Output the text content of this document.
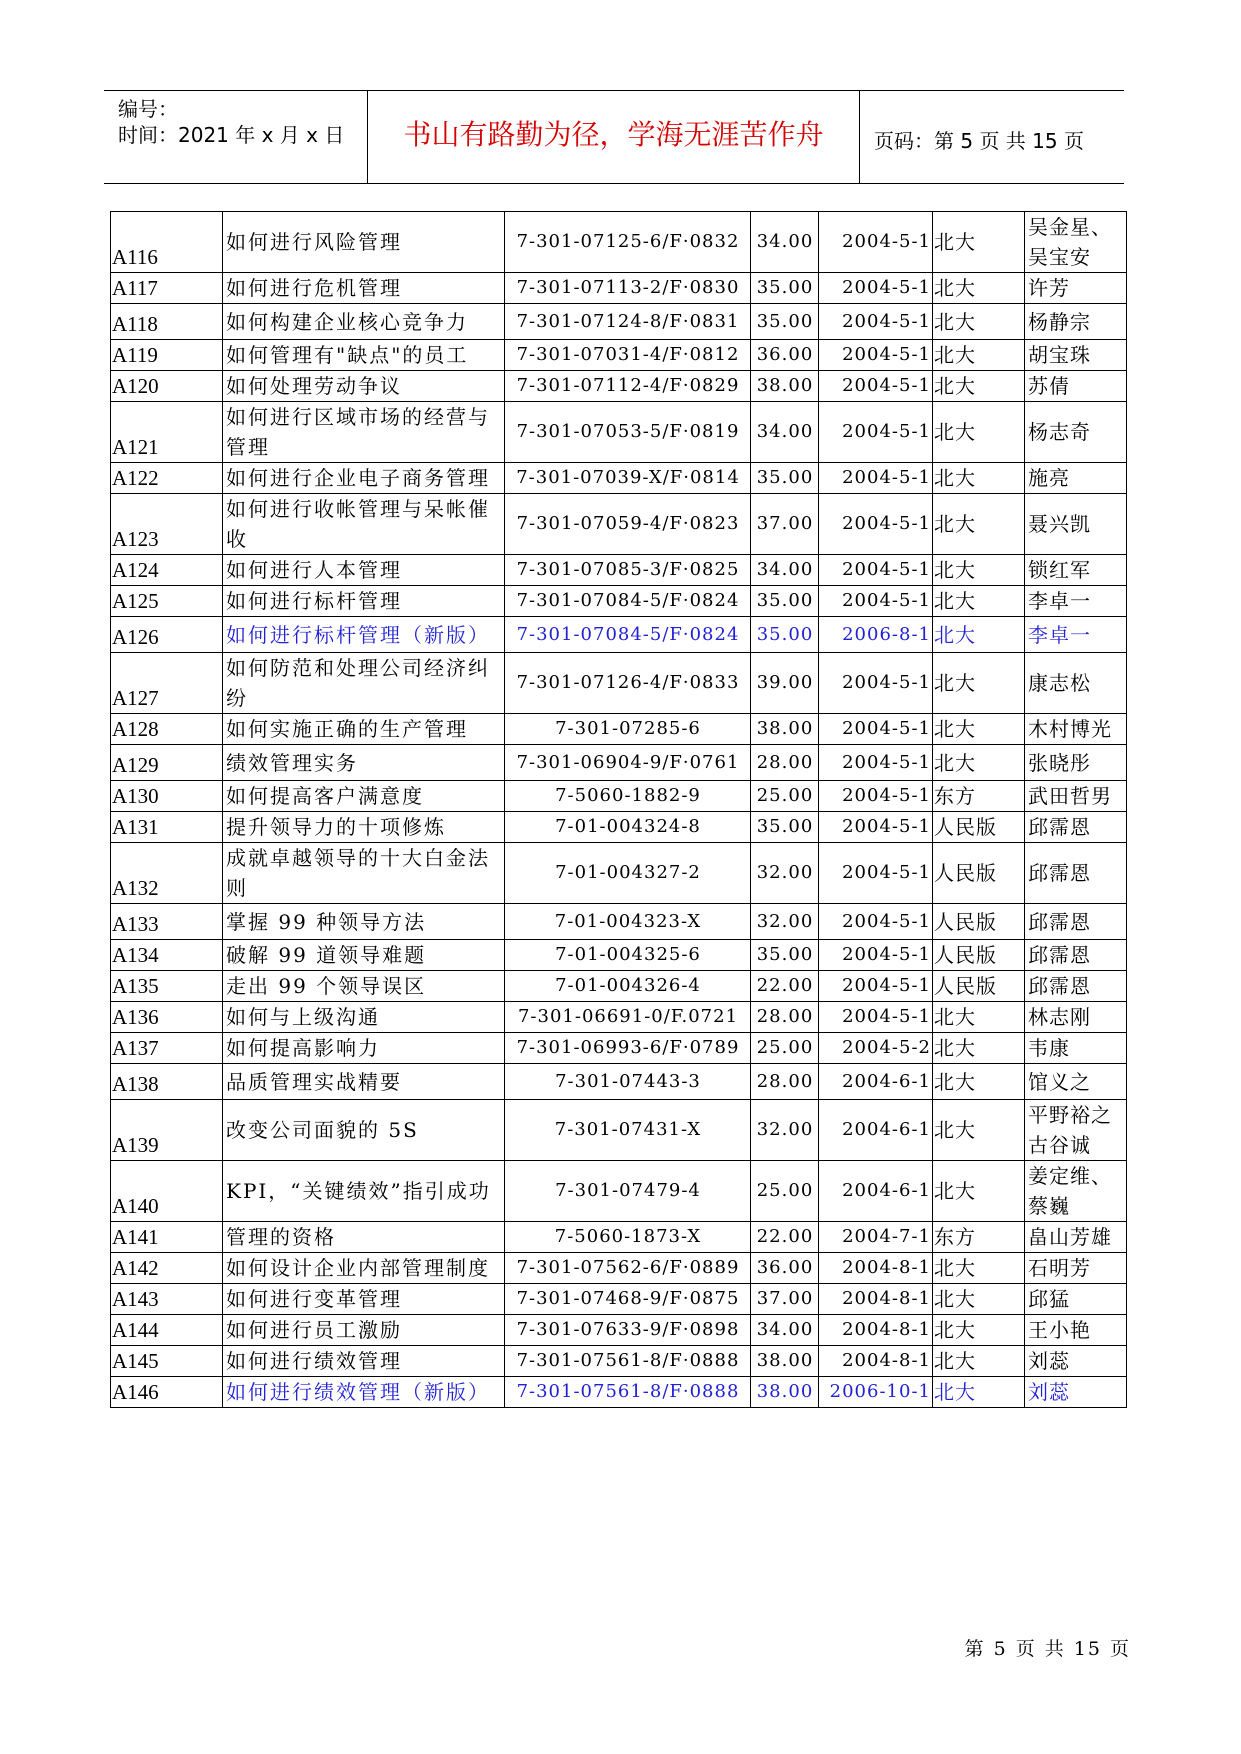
编号：
时间：2021 年 x 月 x 日	书山有路勤为径，学海无涯苦作舟	页码：第 5 页 共 15 页
A116	如何进行风险管理	7-301-07125-6/F·0832	34.00	2004-5-1	北大	吴金星、吴宝安
A117	如何进行危机管理	7-301-07113-2/F·0830	35.00	2004-5-1	北大	许芳
A118	如何构建企业核心竞争力	7-301-07124-8/F·0831	35.00	2004-5-1	北大	杨静宗
A119	如何管理有"缺点"的员工	7-301-07031-4/F·0812	36.00	2004-5-1	北大	胡宝珠
A120	如何处理劳动争议	7-301-07112-4/F·0829	38.00	2004-5-1	北大	苏倩
A121	如何进行区域市场的经营与管理	7-301-07053-5/F·0819	34.00	2004-5-1	北大	杨志奇
A122	如何进行企业电子商务管理	7-301-07039-X/F·0814	35.00	2004-5-1	北大	施亮
A123	如何进行收帐管理与呆帐催收	7-301-07059-4/F·0823	37.00	2004-5-1	北大	聂兴凯
A124	如何进行人本管理	7-301-07085-3/F·0825	34.00	2004-5-1	北大	锁红军
A125	如何进行标杆管理	7-301-07084-5/F·0824	35.00	2004-5-1	北大	李卓一
A126	如何进行标杆管理（新版）	7-301-07084-5/F·0824	35.00	2006-8-1	北大	李卓一
A127	如何防范和处理公司经济纠纷	7-301-07126-4/F·0833	39.00	2004-5-1	北大	康志松
A128	如何实施正确的生产管理	7-301-07285-6	38.00	2004-5-1	北大	木村博光
A129	绩效管理实务	7-301-06904-9/F·0761	28.00	2004-5-1	北大	张晓彤
A130	如何提高客户满意度	7-5060-1882-9	25.00	2004-5-1	东方	武田哲男
A131	提升领导力的十项修炼	7-01-004324-8	35.00	2004-5-1	人民版	邱霈恩
A132	成就卓越领导的十大白金法则	7-01-004327-2	32.00	2004-5-1	人民版	邱霈恩
A133	掌握 99 种领导方法	7-01-004323-X	32.00	2004-5-1	人民版	邱霈恩
A134	破解 99 道领导难题	7-01-004325-6	35.00	2004-5-1	人民版	邱霈恩
A135	走出 99 个领导误区	7-01-004326-4	22.00	2004-5-1	人民版	邱霈恩
A136	如何与上级沟通	7-301-06691-0/F.0721	28.00	2004-5-1	北大	林志刚
A137	如何提高影响力	7-301-06993-6/F·0789	25.00	2004-5-2	北大	韦康
A138	品质管理实战精要	7-301-07443-3	28.00	2004-6-1	北大	馆义之
A139	改变公司面貌的 5S	7-301-07431-X	32.00	2004-6-1	北大	平野裕之古谷诚
A140	KPI，“关键绩效”指引成功	7-301-07479-4	25.00	2004-6-1	北大	姜定维、蔡巍
A141	管理的资格	7-5060-1873-X	22.00	2004-7-1	东方	畠山芳雄
A142	如何设计企业内部管理制度	7-301-07562-6/F·0889	36.00	2004-8-1	北大	石明芳
A143	如何进行变革管理	7-301-07468-9/F·0875	37.00	2004-8-1	北大	邱猛
A144	如何进行员工激励	7-301-07633-9/F·0898	34.00	2004-8-1	北大	王小艳
A145	如何进行绩效管理	7-301-07561-8/F·0888	38.00	2004-8-1	北大	刘蕊
A146	如何进行绩效管理（新版）	7-301-07561-8/F·0888	38.00	2006-10-1	北大	刘蕊
第 5 页 共 15 页
